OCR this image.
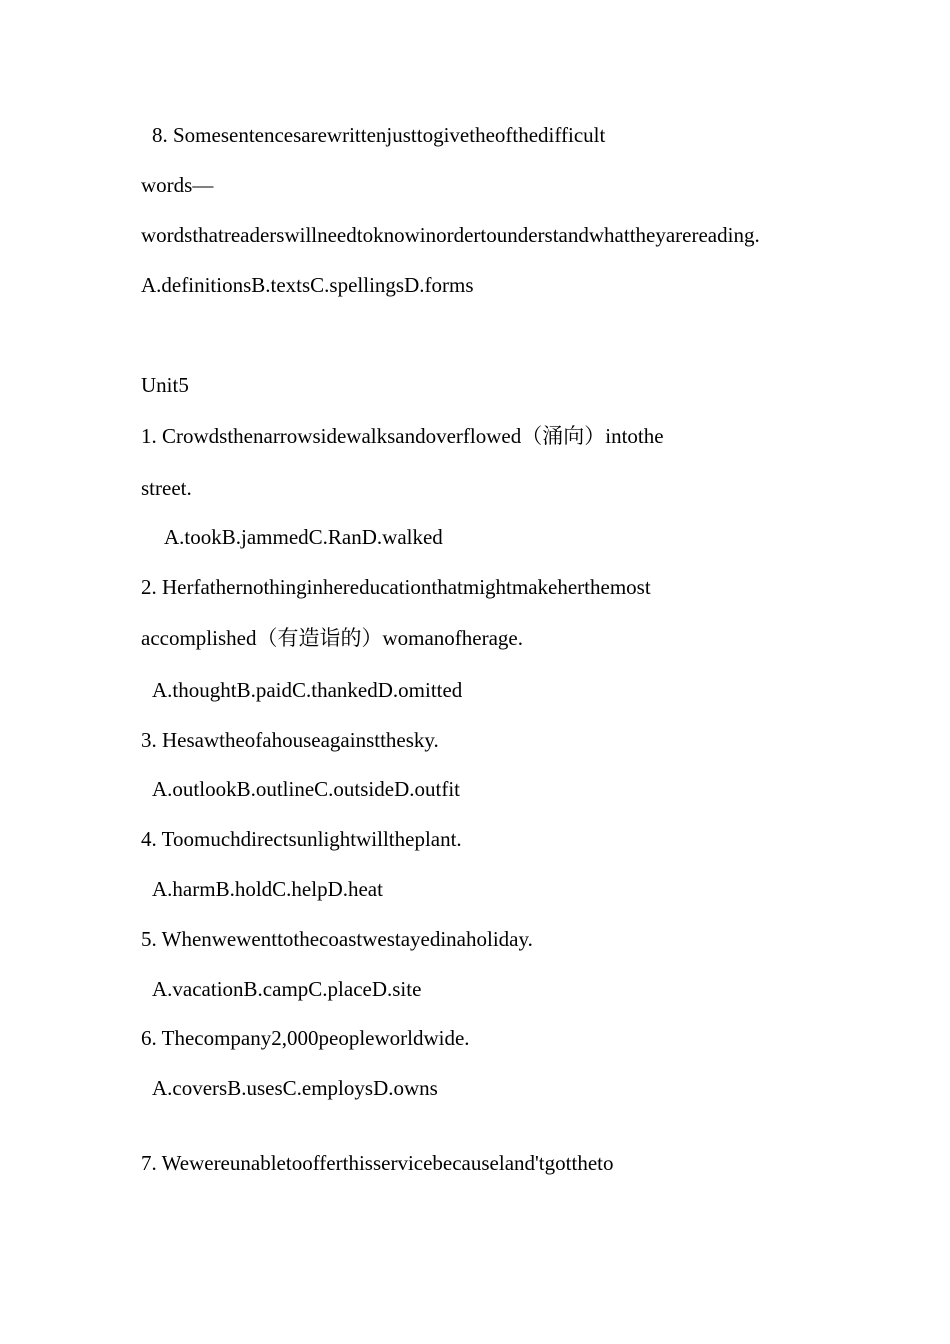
8. Somesentencesarewrittenjusttogivetheofthedifficult
words—
wordsthatreaderswillneedtoknowinordertounderstandwhattheyarereading.
A.definitionsB.textsC.spellingsD.forms
Unit5
1. Crowdsthenarrowsidewalksandoverflowed（涌向）intothe
street.
A.tookB.jammedC.RanD.walked
2. Herfathernothinginhereducationthatmightmakeherthemost
accomplished（有造诣的）womanofherage.
A.thoughtB.paidC.thankedD.omitted
3. Hesawtheofahouseagainstthesky.
A.outlookB.outlineC.outsideD.outfit
4. Toomuchdirectsunlightwilltheplant.
A.harmB.holdC.helpD.heat
5. Whenwewenttothecoastwestayedinaholiday.
A.vacationB.campC.placeD.site
6. Thecompany2,000peopleworldwide.
A.coversB.usesC.employsD.owns
7. Wewereunabletoofferthisservicebecauseland'tgottheto
